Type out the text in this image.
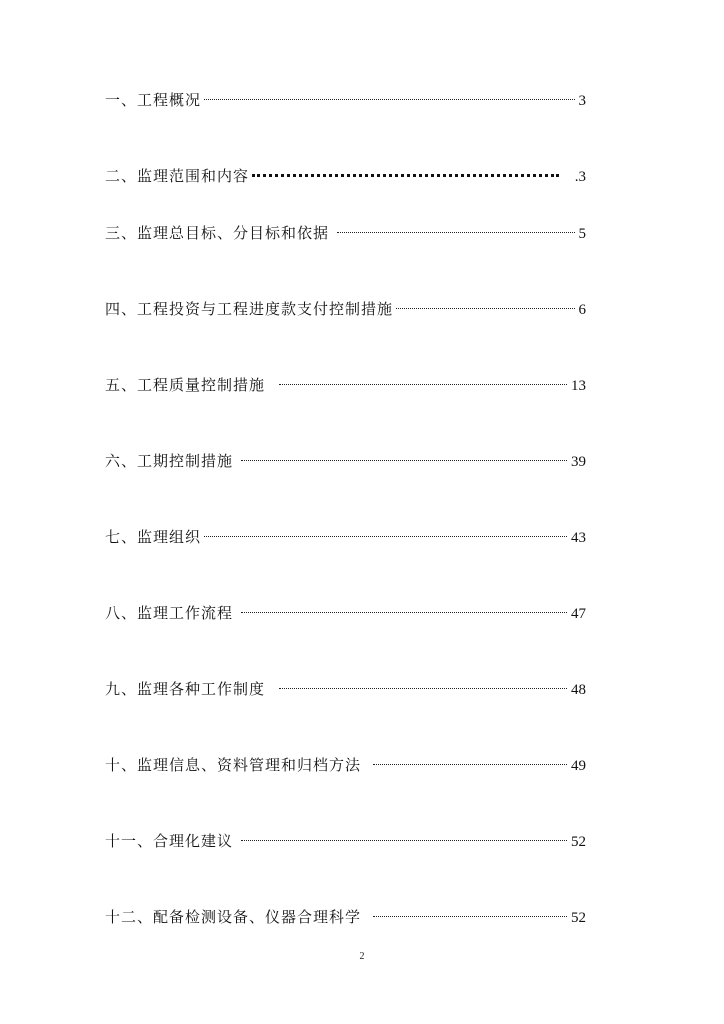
一、工程概况	3
二、监理范围和内容	.3
三、监理总目标、分目标和依据	5
四、工程投资与工程进度款支付控制措施	6
五、工程质量控制措施	13
六、工期控制措施	39
七、监理组织	43
八、监理工作流程	47
九、监理各种工作制度	48
十、监理信息、资料管理和归档方法	49
十一、合理化建议	52
十二、配备检测设备、仪器合理科学	52
2
